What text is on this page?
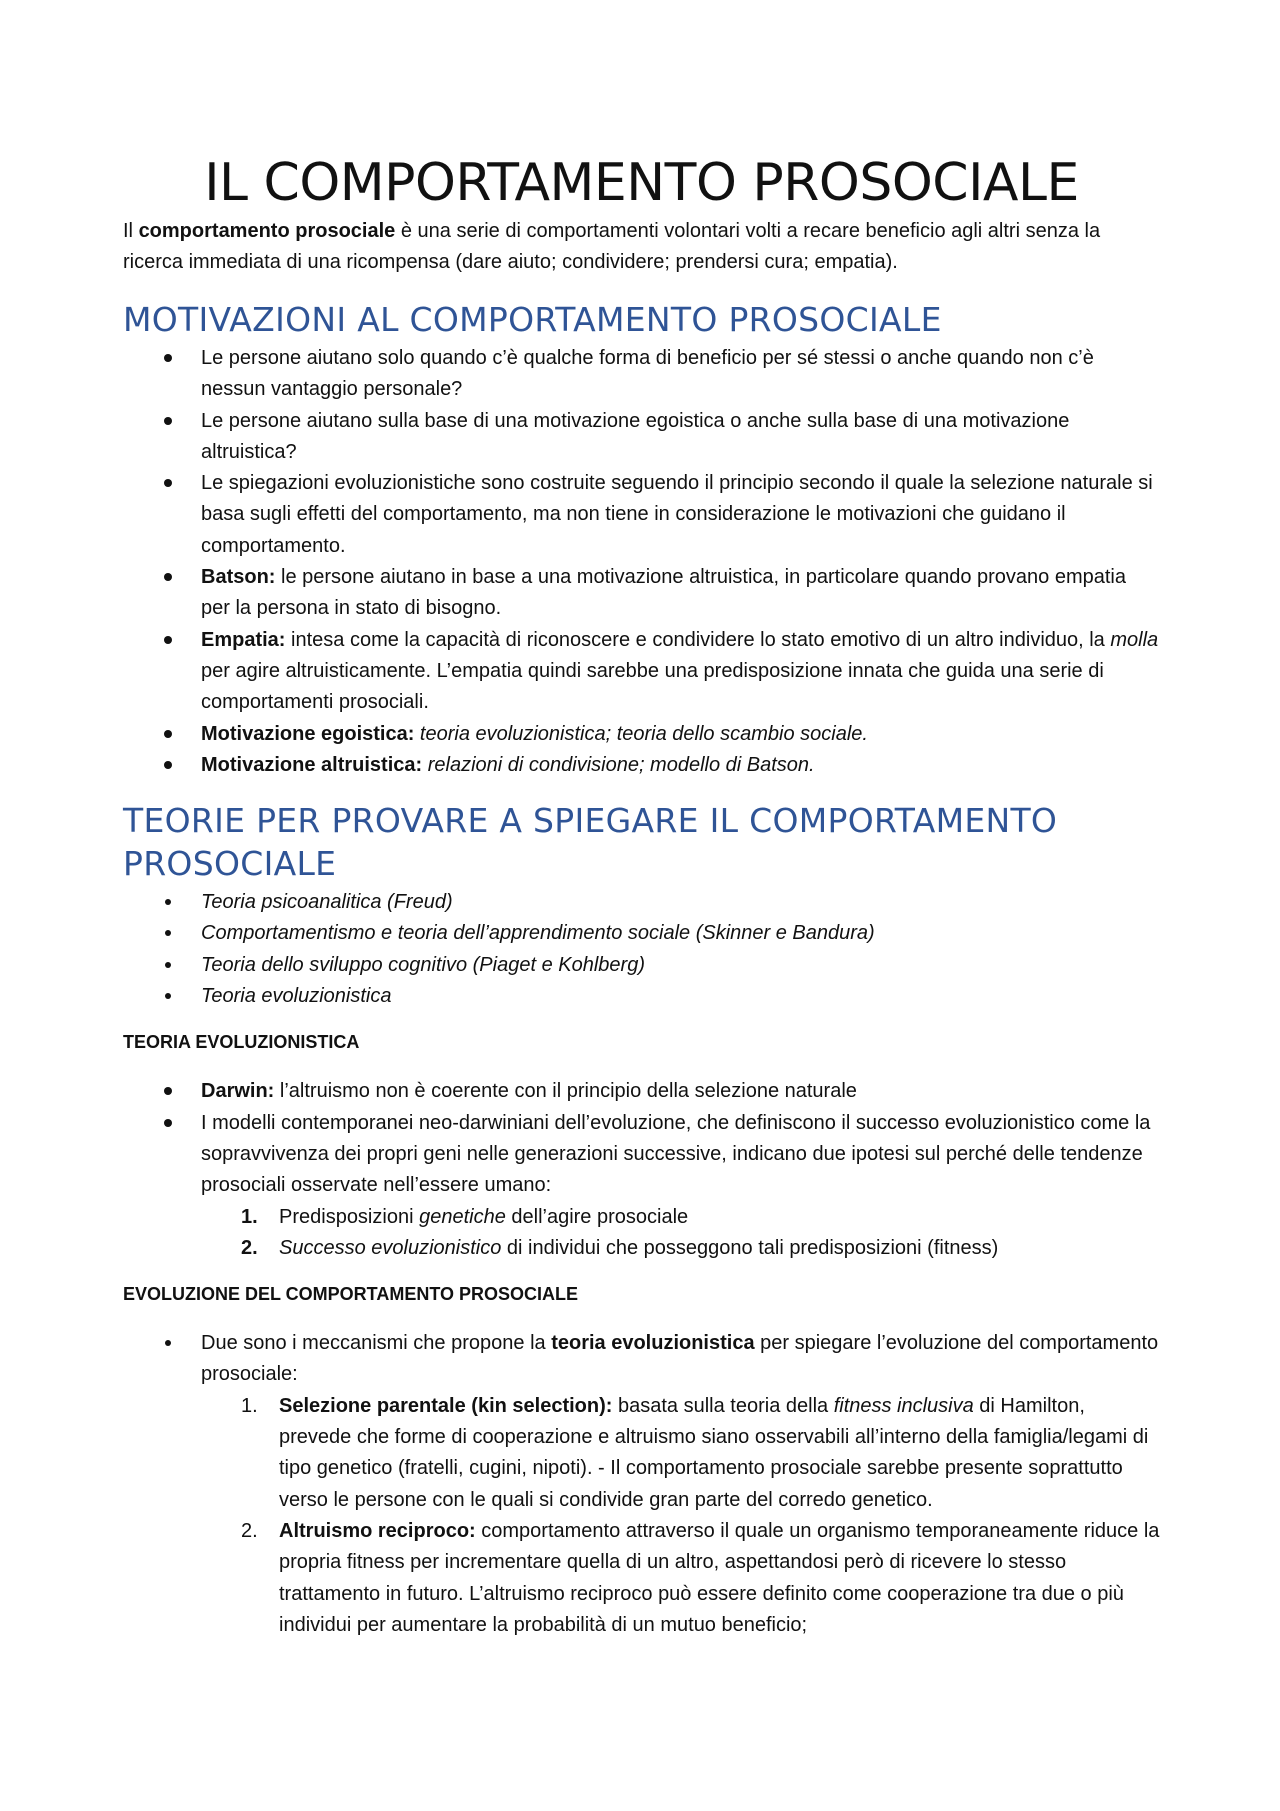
IL COMPORTAMENTO PROSOCIALE

Il comportamento prosociale è una serie di comportamenti volontari volti a recare beneficio agli altri senza la ricerca immediata di una ricompensa (dare aiuto; condividere; prendersi cura; empatia).

MOTIVAZIONI AL COMPORTAMENTO PROSOCIALE
Le persone aiutano solo quando c’è qualche forma di beneficio per sé stessi o anche quando non c’è nessun vantaggio personale?
Le persone aiutano sulla base di una motivazione egoistica o anche sulla base di una motivazione altruistica?
Le spiegazioni evoluzionistiche sono costruite seguendo il principio secondo il quale la selezione naturale si basa sugli effetti del comportamento, ma non tiene in considerazione le motivazioni che guidano il comportamento.
Batson: le persone aiutano in base a una motivazione altruistica, in particolare quando provano empatia per la persona in stato di bisogno.
Empatia: intesa come la capacità di riconoscere e condividere lo stato emotivo di un altro individuo, la molla per agire altruisticamente. L’empatia quindi sarebbe una predisposizione innata che guida una serie di comportamenti prosociali.
Motivazione egoistica: teoria evoluzionistica; teoria dello scambio sociale.
Motivazione altruistica: relazioni di condivisione; modello di Batson.
TEORIE PER PROVARE A SPIEGARE IL COMPORTAMENTO PROSOCIALE
Teoria psicoanalitica (Freud)
Comportamentismo e teoria dell’apprendimento sociale (Skinner e Bandura)
Teoria dello sviluppo cognitivo (Piaget e Kohlberg)
Teoria evoluzionistica
TEORIA EVOLUZIONISTICA
Darwin: l’altruismo non è coerente con il principio della selezione naturale
I modelli contemporanei neo-darwiniani dell’evoluzione, che definiscono il successo evoluzionistico come la sopravvivenza dei propri geni nelle generazioni successive, indicano due ipotesi sul perché delle tendenze prosociali osservate nell’essere umano:
1. Predisposizioni genetiche dell’agire prosociale
2. Successo evoluzionistico di individui che posseggono tali predisposizioni (fitness)
EVOLUZIONE DEL COMPORTAMENTO PROSOCIALE
Due sono i meccanismi che propone la teoria evoluzionistica per spiegare l’evoluzione del comportamento prosociale:
1. Selezione parentale (kin selection): basata sulla teoria della fitness inclusiva di Hamilton, prevede che forme di cooperazione e altruismo siano osservabili all’interno della famiglia/legami di tipo genetico (fratelli, cugini, nipoti). - Il comportamento prosociale sarebbe presente soprattutto verso le persone con le quali si condivide gran parte del corredo genetico.
2. Altruismo reciproco: comportamento attraverso il quale un organismo temporaneamente riduce la propria fitness per incrementare quella di un altro, aspettandosi però di ricevere lo stesso trattamento in futuro. L’altruismo reciproco può essere definito come cooperazione tra due o più individui per aumentare la probabilità di un mutuo beneficio;
